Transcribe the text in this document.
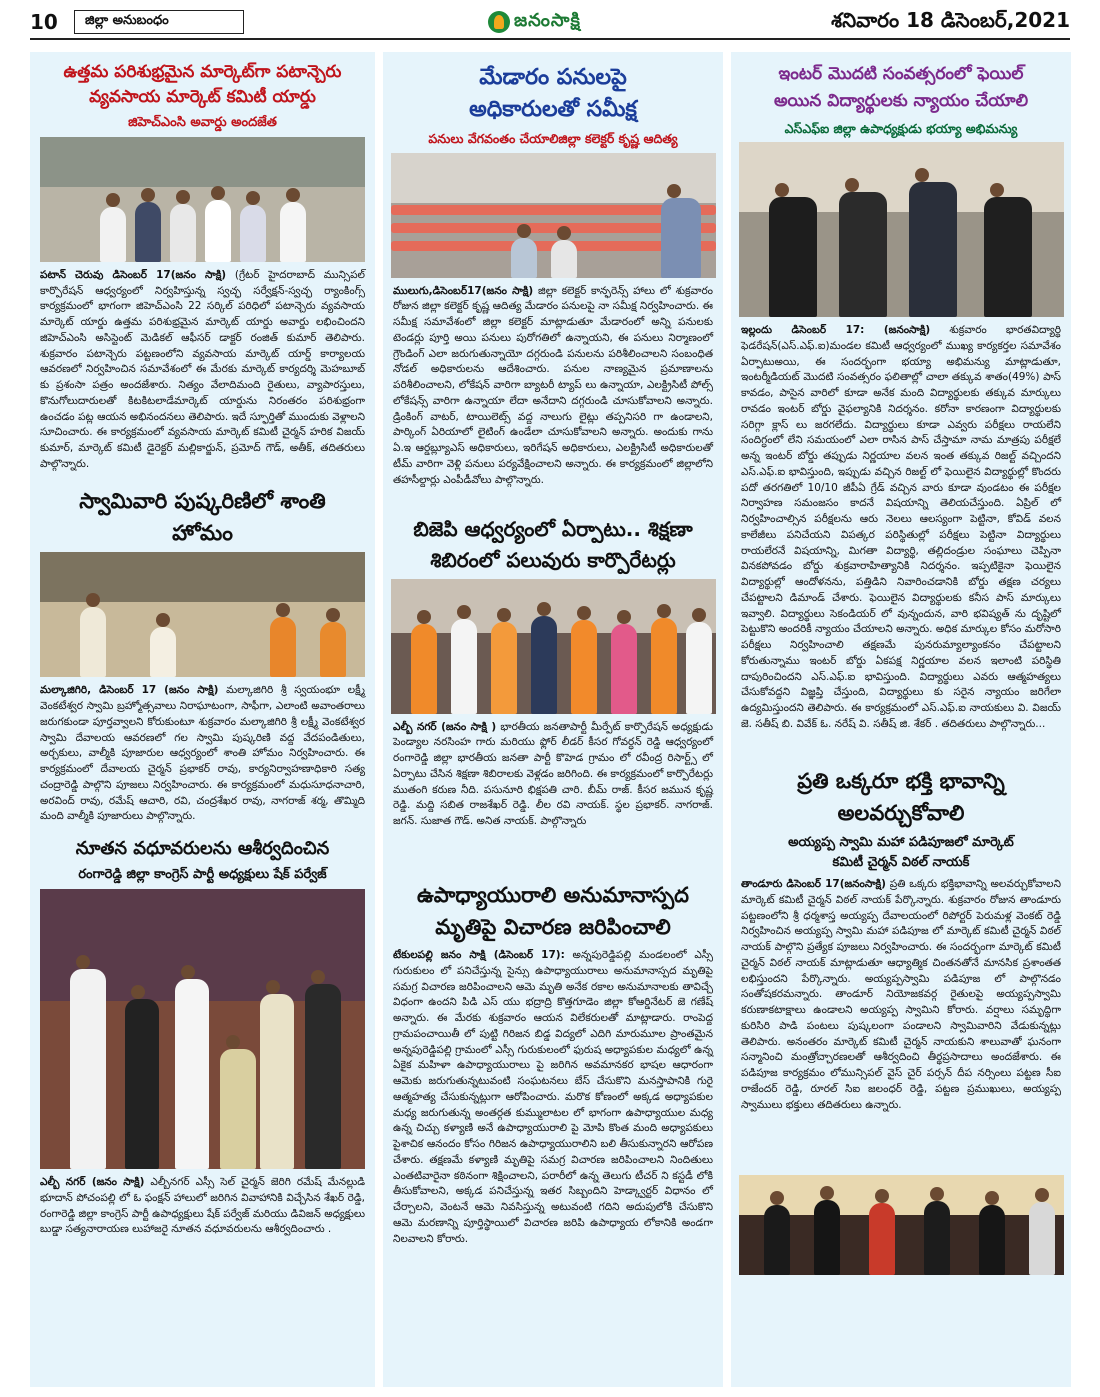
10	జిల్లా అనుబంధం	జనంసాక్షి	శనివారం 18 డిసెంబర్,2021
ఉత్తమ పరిశుభ్రమైన మార్కెట్‌గా పటాన్చెరు
వ్యవసాయ మార్కెట్ కమిటీ యార్డు
జిహెచ్ఎంసి అవార్డు అందజేత
పటాన్ చెరువు డిసెంబర్ 17(జనం సాక్షి) (గ్రేటర్ హైదరాబాద్ మున్సిపల్ కార్పొరేషన్ ఆధ్వర్యంలో నిర్వహిస్తున్న స్వచ్ఛ సర్వేక్షన్-స్వచ్ఛ ర్యాంకింగ్స్ కార్యక్రమంలో భాగంగా జిహెచ్ఎంసి 22 సర్కిల్ పరిధిలో పటాన్చెరు వ్యవసాయ మార్కెట్ యార్డు ఉత్తమ పరిశుభ్రమైన మార్కెట్ యార్డు అవార్డు లభించిందని జిహెచ్ఎంసి అసిస్టెంట్ మెడికల్ ఆఫీసర్ డాక్టర్ రంజిత్ కుమార్ తెలిపారు. శుక్రవారం పటాన్చెరు పట్టణంలోని వ్యవసాయ మార్కెట్ యార్డ్ కార్యాలయ ఆవరణలో నిర్వహించిన సమావేశంలో ఈ మేరకు మార్కెట్ కార్యదర్శి మెహబూబ్ కు ప్రశంసా పత్రం అందజేశారు. నిత్యం వేలాదిమంది రైతులు, వ్యాపారస్తులు, కొనుగోలుదారులతో కిటకిటలాడేమార్కెట్ యార్డును నిరంతరం పరిశుభ్రంగా ఉంచడం పట్ల ఆయన అభినందనలు తెలిపారు. ఇదే స్ఫూర్తితో ముందుకు వెళ్లాలని సూచించారు. ఈ కార్యక్రమంలో వ్యవసాయ మార్కెట్ కమిటీ చైర్మన్ హరిక విజయ్ కుమార్, మార్కెట్ కమిటీ డైరెక్టర్ మల్లికార్జున్, ప్రమోద్ గౌడ్, అతీక్, తదితరులు పాల్గొన్నారు.
స్వామివారి పుష్కరిణిలో శాంతి
హోమం
మల్కాజిగిరి, డిసెంబర్ 17 (జనం సాక్షి) మల్కాజిగిరి శ్రీ స్వయంభూ లక్ష్మీ వెంకటేశ్వర స్వామి బ్రహ్మోత్సవాలు నిరాఘాటంగా, సాఫీగా, ఎలాంటి అవాంతరాలు జరుగకుండా పూర్తవ్వాలని కోరుకుంటూ శుక్రవారం మల్కాజిగిరి శ్రీ లక్ష్మీ వెంకటేశ్వర స్వామి దేవాలయ ఆవరణలో గల స్వామి పుష్కరిణి వద్ద వేదపండితులు, అర్చకులు, వాల్మీకి పూజారుల ఆధ్వర్యంలో శాంతి హోమం నిర్వహించారు. ఈ కార్యక్రమంలో దేవాలయ చైర్మన్ ప్రభాకర్ రావు, కార్యనిర్వాహణాధికారి సత్య చంద్రారెడ్డి పాల్గొని పూజలు నిర్వహించారు. ఈ కార్యక్రమంలో మధుసూధనాచారి, అరవింద్ రావు, రమేష్ ఆచారి, రవి, చంద్రశేఖర రావు, నాగరాజ్ శర్మ, తొమ్మిది మంది వాల్మీకి పూజారులు పాల్గొన్నారు.
నూతన వధూవరులను ఆశీర్వదించిన
రంగారెడ్డి జిల్లా కాంగ్రెస్ పార్టీ అధ్యక్షులు షేక్ పర్వేజ్
ఎల్బీ నగర్ (జనం సాక్షి) ఎల్బీనగర్ ఎస్సీ సెల్ చైర్మన్ జెరిగి రమేష్ మేనల్లుడి భూదాన్ పోచంపల్లి లో ఓ ఫంక్షన్ హాలులో జరిగిన వివాహానికి విచ్చేసిన శేఖర్ రెడ్డి, రంగారెడ్డి జిల్లా కాంగ్రెస్ పార్టీ ఉపాధ్యక్షులు షేక్ పర్వేజ్ మరియు డివిజన్ అధ్యక్షులు బుడ్డా సత్యనారాయణ లుహాజరై నూతన వధూవరులను ఆశీర్వదించారు .
మేడారం పనులపై
అధికారులతో సమీక్ష
పనులు వేగవంతం చేయాలిజిల్లా కలెక్టర్ కృష్ణ ఆదిత్య
ములుగు,డిసెంబర్17(జనం సాక్షి) జిల్లా కలెక్టర్ కాన్ఫరెన్స్ హాలు లో శుక్రవారం రోజున జిల్లా కలెక్టర్ కృష్ణ ఆదిత్య మేడారం పనులపై నా సమీక్ష నిర్వహించారు. ఈ సమీక్ష సమావేశంలో జిల్లా కలెక్టర్ మాట్లాడుతూ మేడారంలో అన్ని పనులకు టెండర్లు పూర్తి అయి పనులు పురోగతిలో ఉన్నాయని, ఈ పనులు నిర్మాణంలో గ్రౌండింగ్ ఎలా జరుగుతున్నాయో దగ్గరుండి పనులను పరిశీలించాలని సంబంధిత నోడల్ అధికారులను ఆదేశించారు. పనుల నాణ్యమైన ప్రమాణాలను పరిశీలించాలని, లోకేషన్ వారిగా బ్యాటరీ ట్యాప్ లు ఉన్నాయా, ఎలక్ట్రిసిటీ పోల్స్ లోకేషన్స్ వారిగా ఉన్నాయా లేదా అనేదాని దగ్గరుండి చూసుకోవాలని అన్నారు. డ్రింకింగ్ వాటర్, టాయిలెట్స్ వద్ద నాలుగు లైట్లు తప్పనిసరి గా ఉండాలని, పార్కింగ్ ఏరియాలో లైటింగ్ ఉండేలా చూసుకోవాలని అన్నారు. అందుకు గాను ఏ.ఇ ఆర్డబ్ల్యూఎస్ అధికారులు, ఇరిగేషన్ అధికారులు, ఎలక్ట్రిసిటీ అధికారులతో టీమ్ వారిగా వెళ్లి పనులు పర్యవేక్షించాలని అన్నారు. ఈ కార్యక్రమంలో జిల్లాలోని తహసీల్దార్లు ఎంపీడీవోలు పాల్గొన్నారు.
బిజెపి ఆధ్వర్యంలో ఏర్పాటు.. శిక్షణా
శిబిరంలో పలువురు కార్పొరేటర్లు
ఎల్బీ నగర్ (జనం సాక్షి ) భారతీయ జనతాపార్టీ మీర్పేట్ కార్పొరేషన్ అధ్యక్షుడు పెండ్యాల నరసింహ గారు మరియు ఫ్లోర్ లీడర్ కీసర గోవర్ధన్ రెడ్డి ఆధ్వర్యంలో రంగారెడ్డి జిల్లా భారతీయ జనతా పార్టీ కొహెడ గ్రామం లో రవీంద్ర రిసార్ట్స్ లో ఏర్పాటు చేసిన శిక్షణా శిబిరాలకు వెళ్లడం జరిగింది. ఈ కార్యక్రమంలో కార్పొరేటర్లు ముతంగి కరుణ నీది. పసునూరి భిక్షపతి చారి. బీమ్ రాజ్. కీసర జమున కృష్ణ రెడ్డి. మద్ది సబిత రాజశేఖర్ రెడ్డి. లీల రవి నాయక్. స్థల ప్రభాకర్. నాగరాజ్. జగన్. సుజాత గౌడ్. అనిత నాయక్. పాల్గొన్నారు
ఉపాధ్యాయురాలి అనుమానాస్పద
మృతిపై విచారణ జరిపించాలి
టేకులపల్లి జనం సాక్షి (డిసెంబర్ 17): అన్నపురెడ్డిపల్లి మండలంలో ఎస్సీ గురుకులం లో పనిచేస్తున్న సైన్సు ఉపాధ్యాయురాలు అనుమానాస్పద మృతిపై సమగ్ర విచారణ జరిపించాలని ఆమె మృతి అనేక రకాల అనుమానాలకు తావిచ్చే విధంగా ఉందని పిడి ఎస్ యు భద్రాద్రి కొత్తగూడెం జిల్లా కోఆర్డినేటర్ జె గణేష్ అన్నారు. ఈ మేరకు శుక్రవారం ఆయన విలేకరులతో మాట్లాడారు. రాంపెద్ద గ్రామపంచాయితీ లో పుట్టి గిరిజన బిడ్డ విద్యలో ఎదిగి మారుమూల ప్రాంతమైన అన్నపురెడ్డిపల్లి గ్రామంలో ఎస్సీ గురుకులంలో ఫురుష అధ్యాపకుల మధ్యలో ఉన్న ఏకైక మహిళా ఉపాధ్యాయురాలు పై జరిగిన అవమానకర భాషల ఆధారంగా ఆమెకు జరుగుతున్నటువంటి సంఘటనలు బేస్ చేసుకొని మనస్తాపానికి గురై ఆత్మహత్య చేసుకున్నట్లుగా ఆరోపించారు. మరొక కోణంలో అక్కడ అధ్యాపకుల మధ్య జరుగుతున్న అంతర్గత కుమ్ములాటల లో భాగంగా ఉపాధ్యాయుల మధ్య ఉన్న చిచ్చు కళ్యాణి అనే ఉపాధ్యాయురాలి పై మోపి కొంత మంది అధ్యాపకులు పైశాచిక ఆనందం కోసం గిరిజన ఉపాధ్యాయురాలిని బలి తీసుకున్నారని ఆరోపణ చేశారు. తక్షణమే కళ్యాణి మృతిపై సమగ్ర విచారణ జరిపించాలని నిందితులు ఎంతటివారైనా కఠినంగా శిక్షించాలని, పరారీలో ఉన్న తెలుగు టీచర్ ని కస్టడీ లోకి తీసుకోవాలని, అక్కడ పనిచేస్తున్న ఇతర సిబ్బందిని హెడ్క్వార్టర్ విధానం లో చేర్చాలని, వెంటనే ఆమె నివసిస్తున్న అటువంటి గదిని అదుపులోకి చేసుకొని ఆమె మరణాన్ని పూర్తిస్థాయిలో విచారణ జరిపి ఉపాధ్యాయ లోకానికి అండగా నిలవాలని కోరారు.
ఇంటర్ మొదటి సంవత్సరంలో ఫెయిల్
అయిన విద్యార్థులకు న్యాయం చేయాలి
ఎస్ఎఫ్ఐ జిల్లా ఉపాధ్యక్షుడు భయ్యా అభిమన్యు
ఇల్లందు డిసెంబర్ 17: (జనంసాక్షి) శుక్రవారం భారతవిద్యార్థి ఫెడరేషన్(ఎస్.ఎఫ్.ఐ)మండల కమిటీ ఆధ్వర్యంలో ముఖ్య కార్యకర్తల సమావేశం ఏర్పాటుఅయి, ఈ సందర్భంగా భయ్యా అభిమన్యు మాట్లాడుతూ, ఇంటర్మీడియట్ మొదటి సంవత్సరం ఫలితాల్లో చాలా తక్కువ శాతం(49%) పాస్ కావడం, పాసైన వారిలో కూడా అనేక మంది విద్యార్థులకు తక్కువ మార్కులు రావడం ఇంటర్ బోర్డు వైఫల్యానికి నిదర్శనం. కరోనా కారణంగా విద్యార్థులకు సరిగ్గా క్లాస్ లు జరగలేదు. విద్యార్థులు కూడా ఎవ్వరు పరీక్షలు రాయలేని సందిగ్ధంలో లేని సమయంలో ఎలా రాసిన పాస్ చేస్తామా నామ మాత్రపు పరీక్షలే అన్న ఇంటర్ బోర్డు తప్పుడు నిర్ణయాల వలన ఇంత తక్కువ రిజల్ట్ వచ్చిందని ఎస్.ఎఫ్.ఐ భావిస్తుంది, ఇప్పుడు వచ్చిన రిజల్ట్ లో ఫెయిలైన విద్యార్థుల్లో కొందరు పదో తరగతిలో 10/10 జీపీఏ గ్రేడ్ వచ్చిన వారు కూడా వుండటం ఈ పరీక్షల నిర్వాహణ సమంజసం కాదనే విషయాన్ని తెలియచేస్తుంది. ఏప్రిల్ లో నిర్వహించాల్సిన పరీక్షలను ఆరు నెలలు ఆలస్యంగా పెట్టినా, కోవిడ్ వలన కాలేజీలు పనిచేయని విపత్కర పరిస్థితుల్లో పరీక్షలు పెట్టినా విద్యార్థులు రాయలేరనే విషయాన్ని, మిగతా విద్యార్థి, తల్లిదండ్రుల సంఘాలు చెప్పినా వినకపోవడం బోర్డు శుక్రవారాహిత్యానికి నిదర్శనం. ఇప్పటికైనా ఫెయిలైన విద్యార్థుల్లో ఆందోళనను, పత్తిడిని నివారించడానికి బోర్డు తక్షణ చర్యలు చేపట్టాలని డిమాండ్ చేశారు. ఫెయిలైన విద్యార్థులకు కనీస పాస్ మార్కులు ఇవ్వాలి. విద్యార్థులు సెకండియర్ లో వున్నందున, వారి భవిష్యత్ ను దృష్టిలో పెట్టుకొని అందరికీ న్యాయం చేయాలని అన్నారు. అధిక మార్కుల కోసం మరోసారి పరీక్షలు నిర్వహించాలి తక్షణమే పునరుమ్యాల్యాంకనం చేపట్టాలని కోరుతున్నాము ఇంటర్ బోర్డు ఏకపక్ష నిర్ణయాల వలన ఇలాంటి పరిస్థితి దాపురించిందని ఎస్.ఎఫ్.ఐ భావిస్తుంది. విద్యార్థులు ఎవరు ఆత్మహత్యలు చేసుకోవద్దని విజ్ఞప్తి చేస్తుంది, విద్యార్థులు కు సరైన న్యాయం జరిగేలా ఉద్యమిస్తుందని తెలిపారు. ఈ కార్యక్రమంలో ఎస్.ఎఫ్.ఐ నాయకులు వి. విజయ్ జె. సతీష్ బి. వివేక్ ఓ. నరేష్ వి. సతీష్ జి. శేకర్ . తదితరులు పాల్గొన్నారు...
ప్రతి ఒక్కరూ భక్తి భావాన్ని
అలవర్చుకోవాలి
అయ్యప్ప స్వామి మహా పడిపూజలో మార్కెట్
కమిటీ చైర్మన్ విఠల్ నాయక్
తాండూరు డిసెంబర్ 17(జనంసాక్షి) ప్రతి ఒక్కరు భక్తిభావాన్ని అలవర్చుకోవాలని మార్కెట్ కమిటీ చైర్మన్ విఠల్ నాయక్ పేర్కొన్నారు. శుక్రవారం రోజున తాండూరు పట్టణంలోని శ్రీ ధర్మశాస్త అయ్యప్ప దేవాలయంలో రిపోర్టర్ పెరుమళ్ల వెంకట్ రెడ్డి నిర్వహించిన అయ్యప్ప స్వామి మహా పడిపూజ లో మార్కెట్ కమిటీ చైర్మన్ విఠల్ నాయక్ పాల్గొని ప్రత్యేక పూజలు నిర్వహించారు. ఈ సందర్భంగా మార్కెట్ కమిటీ చైర్మన్ విఠల్ నాయక్ మాట్లాడుతూ ఆధ్యాత్మిక చింతనతోనే మానసిక ప్రశాంతత లభిస్తుందని పేర్కొన్నారు. అయ్యప్పస్వామి పడిపూజ లో పాల్గొనడం సంతోషకరమన్నారు. తాండూర్ నియోజకవర్గ రైతులపై అయ్యప్పస్వామి కరుణాకటాక్షాలు ఉండాలని అయ్యప్ప స్వామిని కోరారు. వర్షాలు సమృద్ధిగా కురిసిరి పాడి పంటలు పుష్కలంగా పండాలని స్వామివారిని వేడుకున్నట్లు తెలిపారు. అనంతరం మార్కెట్ కమిటీ చైర్మన్ నాయకుని శాలువాతో ఘనంగా సన్మానించి మంత్రోచ్చారణలతో ఆశీర్వదించి తీర్థప్రసాదాలు అందజేశారు. ఈ పడిపూజ కార్యక్రమం లోమున్సిపల్ వైస్ చైర్ పర్సన్ దీప నర్సింలు పట్టణ సీఐ రాజేందర్ రెడ్డి, రూరల్ సిఐ జలంధర్ రెడ్డి, పట్టణ ప్రముఖులు, అయ్యప్ప స్వాములు భక్తులు తదితరులు ఉన్నారు.
